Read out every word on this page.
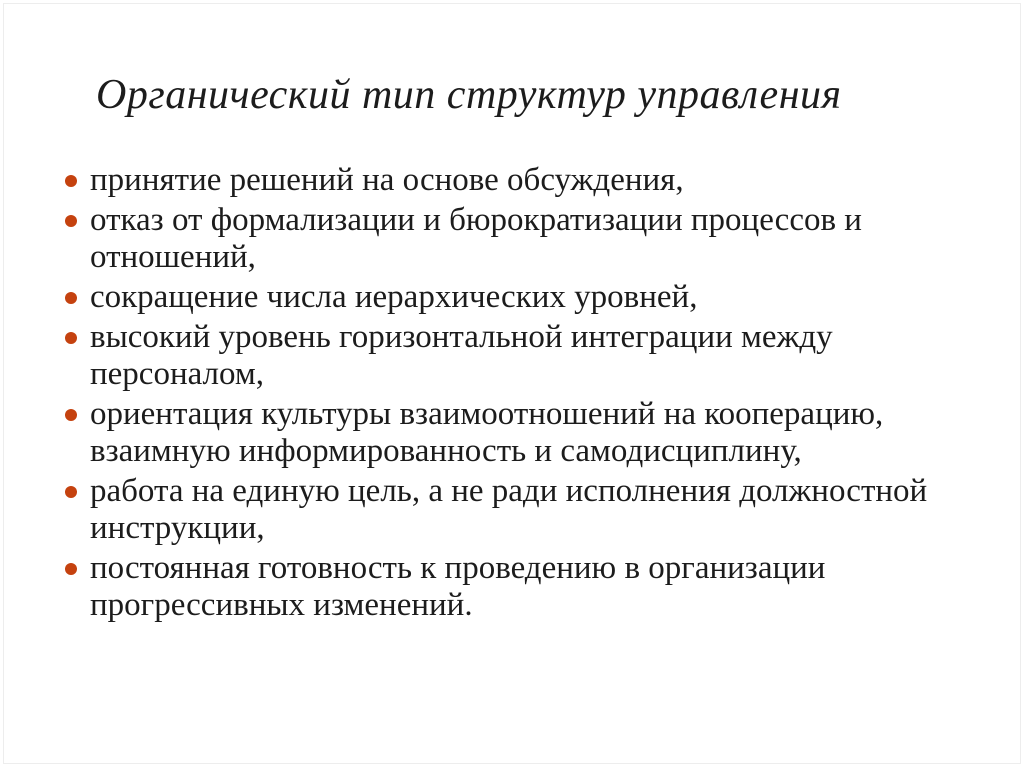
Органический тип структур управления
принятие решений на основе обсуждения,
отказ от формализации и бюрократизации процессов и отношений,
сокращение числа иерархических уровней,
высокий уровень горизонтальной интеграции между персоналом,
ориентация культуры взаимоотношений на кооперацию, взаимную информированность и самодисциплину,
работа на единую цель, а не ради исполнения должностной инструкции,
постоянная готовность к проведению в организации прогрессивных изменений.
